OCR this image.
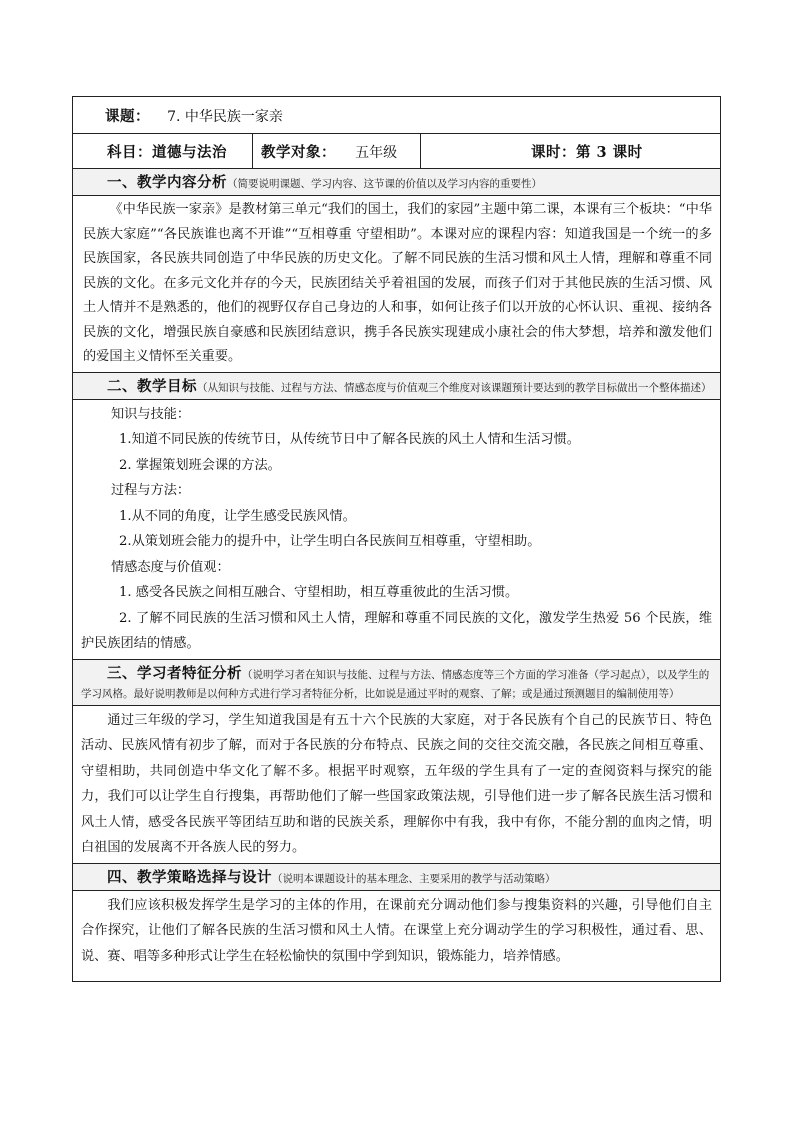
课题： 7. 中华民族一家亲
科目：道德与法治	教学对象： 五年级	课时：第 3 课时
一、教学内容分析（简要说明课题、学习内容、这节课的价值以及学习内容的重要性）

《中华民族一家亲》是教材第三单元“我们的国土，我们的家园”主题中第二课，本课有三个板块：“中华民族大家庭”“各民族谁也离不开谁”“互相尊重 守望相助”。本课对应的课程内容：知道我国是一个统一的多民族国家，各民族共同创造了中华民族的历史文化。了解不同民族的生活习惯和风土人情，理解和尊重不同民族的文化。在多元文化并存的今天，民族团结关乎着祖国的发展，而孩子们对于其他民族的生活习惯、风土人情并不是熟悉的，他们的视野仅存自己身边的人和事，如何让孩子们以开放的心怀认识、重视、接纳各民族的文化，增强民族自豪感和民族团结意识，携手各民族实现建成小康社会的伟大梦想，培养和激发他们的爱国主义情怀至关重要。

二、教学目标（从知识与技能、过程与方法、情感态度与价值观三个维度对该课题预计要达到的教学目标做出一个整体描述）

知识与技能：

1.知道不同民族的传统节日，从传统节日中了解各民族的风土人情和生活习惯。

2. 掌握策划班会课的方法。

过程与方法：

1.从不同的角度，让学生感受民族风情。

2.从策划班会能力的提升中，让学生明白各民族间互相尊重，守望相助。

情感态度与价值观：

1. 感受各民族之间相互融合、守望相助，相互尊重彼此的生活习惯。

2. 了解不同民族的生活习惯和风土人情，理解和尊重不同民族的文化，激发学生热爱 56 个民族，维护民族团结的情感。

三、学习者特征分析（说明学习者在知识与技能、过程与方法、情感态度等三个方面的学习准备（学习起点），以及学生的学习风格。最好说明教师是以何种方式进行学习者特征分析，比如说是通过平时的观察、了解；或是通过预测题目的编制使用等）

通过三年级的学习，学生知道我国是有五十六个民族的大家庭，对于各民族有个自己的民族节日、特色活动、民族风情有初步了解，而对于各民族的分布特点、民族之间的交往交流交融，各民族之间相互尊重、守望相助，共同创造中华文化了解不多。根据平时观察，五年级的学生具有了一定的查阅资料与探究的能力，我们可以让学生自行搜集，再帮助他们了解一些国家政策法规，引导他们进一步了解各民族生活习惯和风土人情，感受各民族平等团结互助和谐的民族关系，理解你中有我，我中有你，不能分割的血肉之情，明白祖国的发展离不开各族人民的努力。

四、教学策略选择与设计（说明本课题设计的基本理念、主要采用的教学与活动策略）

我们应该积极发挥学生是学习的主体的作用，在课前充分调动他们参与搜集资料的兴趣，引导他们自主合作探究，让他们了解各民族的生活习惯和风土人情。在课堂上充分调动学生的学习积极性，通过看、思、说、赛、唱等多种形式让学生在轻松愉快的氛围中学到知识，锻炼能力，培养情感。
